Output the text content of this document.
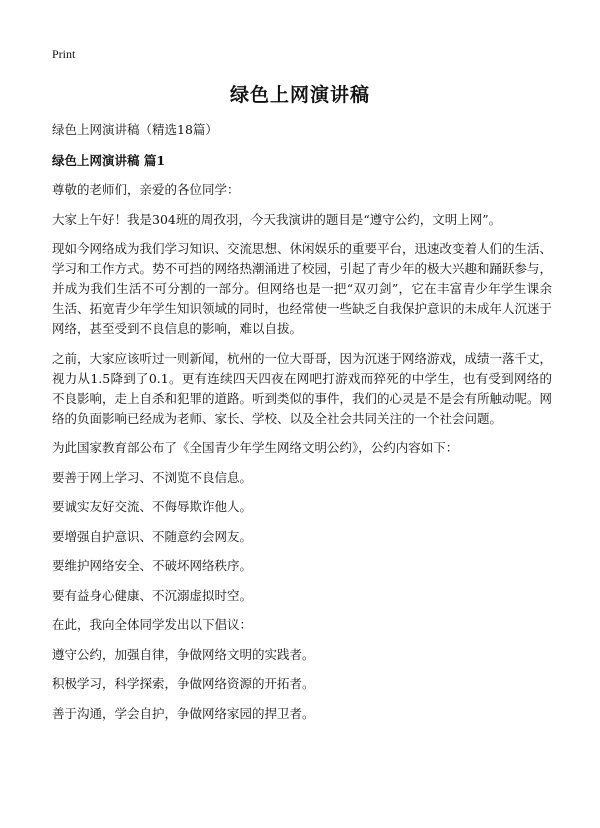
Print
绿色上网演讲稿

绿色上网演讲稿（精选18篇）

绿色上网演讲稿 篇1

尊敬的老师们，亲爱的各位同学：

大家上午好！我是304班的周孜羽，今天我演讲的题目是“遵守公约，文明上网”。

现如今网络成为我们学习知识、交流思想、休闲娱乐的重要平台，迅速改变着人们的生活、学习和工作方式。势不可挡的网络热潮涌进了校园，引起了青少年的极大兴趣和踊跃参与，并成为我们生活不可分割的一部分。但网络也是一把“双刃剑”，它在丰富青少年学生课余生活、拓宽青少年学生知识领域的同时，也经常使一些缺乏自我保护意识的未成年人沉迷于网络，甚至受到不良信息的影响，难以自拔。

之前，大家应该听过一则新闻，杭州的一位大哥哥，因为沉迷于网络游戏，成绩一落千丈，视力从1.5降到了0.1。更有连续四天四夜在网吧打游戏而猝死的中学生，也有受到网络的不良影响，走上自杀和犯罪的道路。听到类似的事件，我们的心灵是不是会有所触动呢。网络的负面影响已经成为老师、家长、学校、以及全社会共同关注的一个社会问题。

为此国家教育部公布了《全国青少年学生网络文明公约》，公约内容如下：

要善于网上学习、不浏览不良信息。

要诚实友好交流、不侮辱欺诈他人。

要增强自护意识、不随意约会网友。

要维护网络安全、不破坏网络秩序。

要有益身心健康、不沉溺虚拟时空。

在此，我向全体同学发出以下倡议：

遵守公约，加强自律，争做网络文明的实践者。

积极学习，科学探索，争做网络资源的开拓者。

善于沟通，学会自护，争做网络家园的捍卫者。
